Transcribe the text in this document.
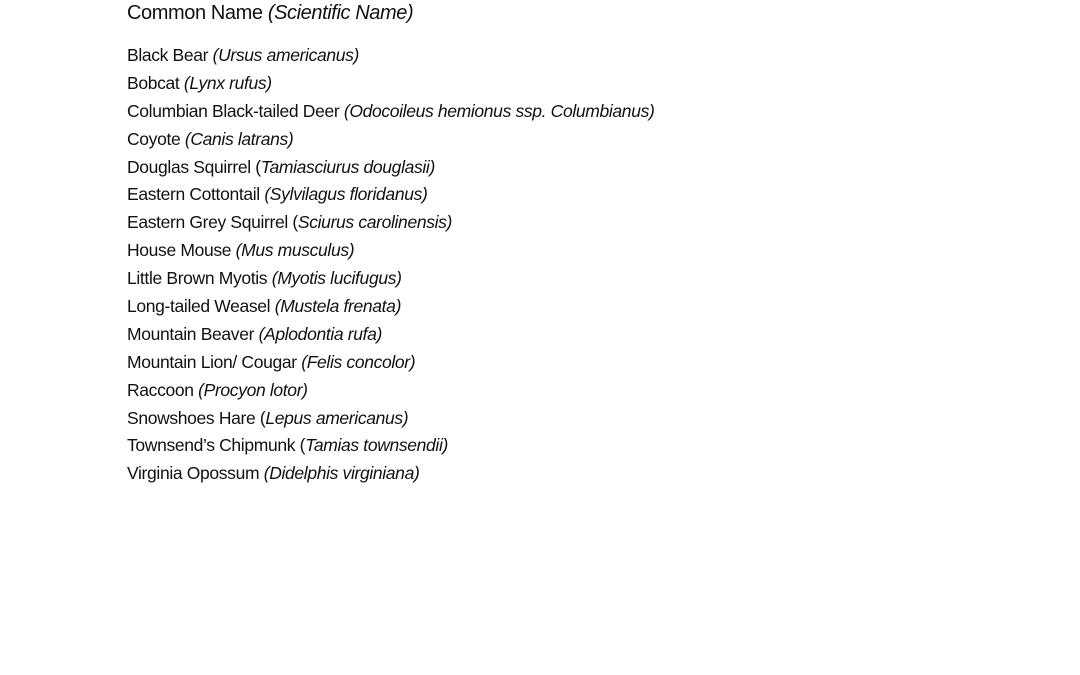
Common Name (Scientific Name)
Black Bear (Ursus americanus)
Bobcat (Lynx rufus)
Columbian Black-tailed Deer (Odocoileus hemionus ssp. Columbianus)
Coyote (Canis latrans)
Douglas Squirrel (Tamiasciurus douglasii)
Eastern Cottontail (Sylvilagus floridanus)
Eastern Grey Squirrel (Sciurus carolinensis)
House Mouse (Mus musculus)
Little Brown Myotis (Myotis lucifugus)
Long-tailed Weasel (Mustela frenata)
Mountain Beaver (Aplodontia rufa)
Mountain Lion/ Cougar (Felis concolor)
Raccoon (Procyon lotor)
Snowshoes Hare (Lepus americanus)
Townsend’s Chipmunk (Tamias townsendii)
Virginia Opossum (Didelphis virginiana)
